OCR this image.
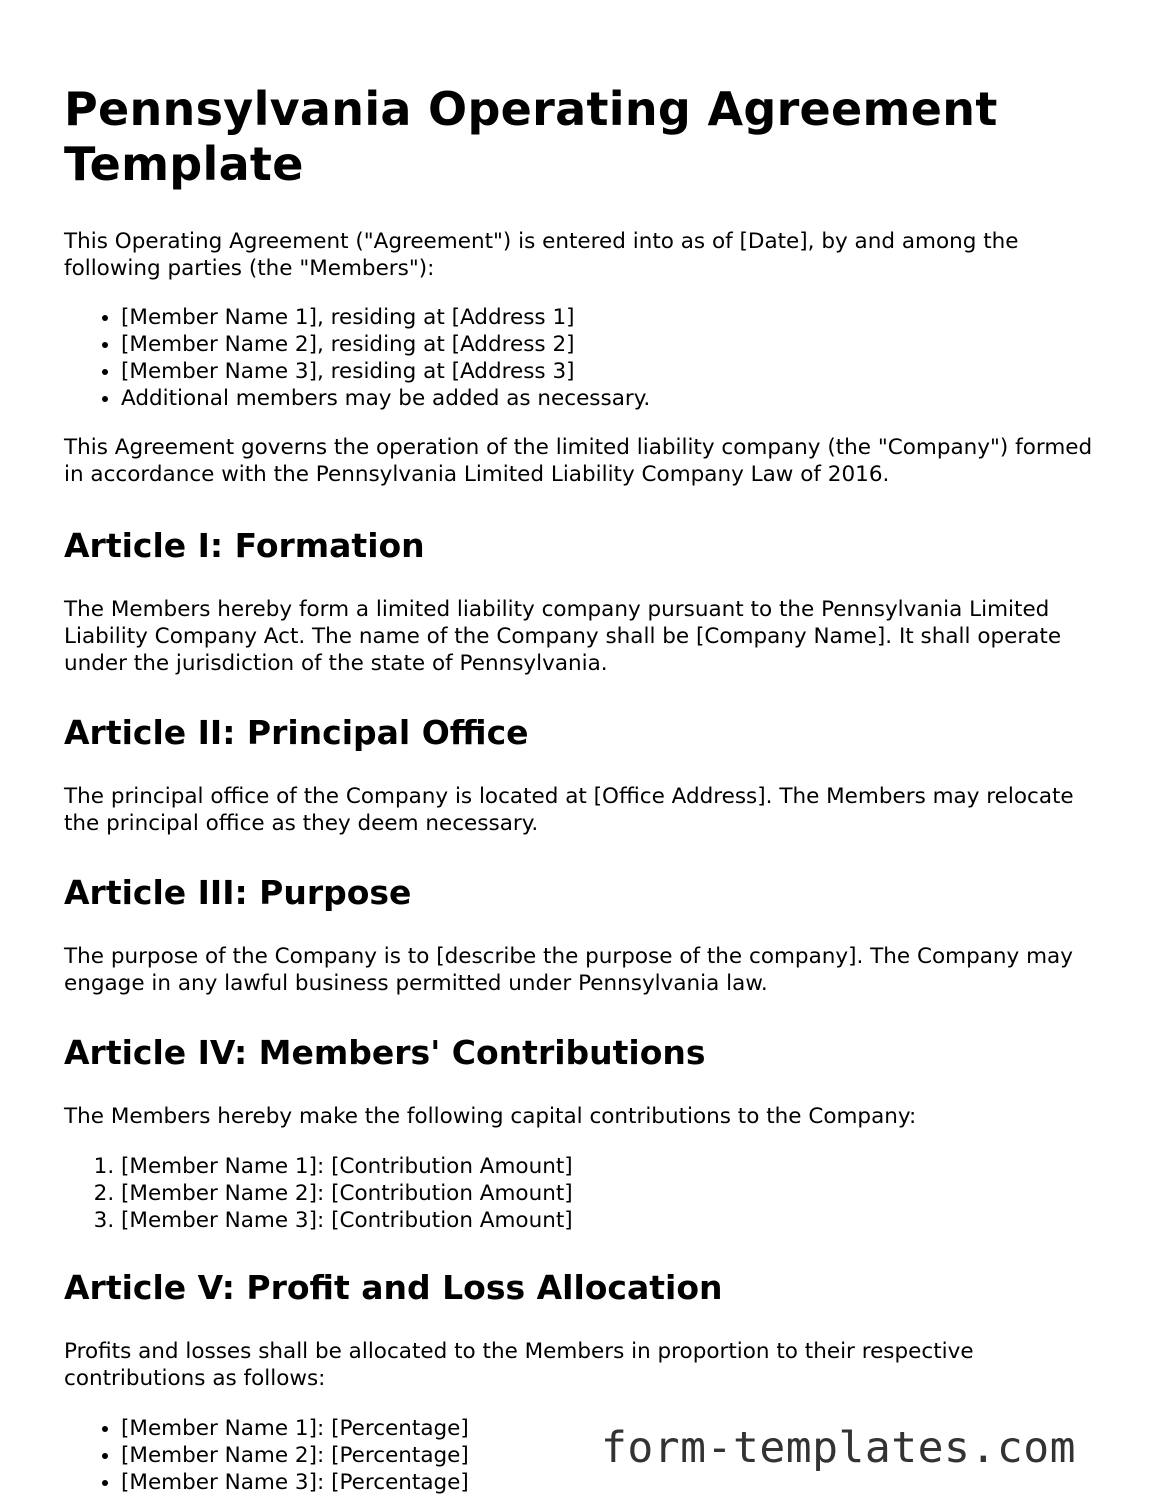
Pennsylvania Operating Agreement Template

This Operating Agreement ("Agreement") is entered into as of [Date], by and among the following parties (the "Members"):

• [Member Name 1], residing at [Address 1]
• [Member Name 2], residing at [Address 2]
• [Member Name 3], residing at [Address 3]
• Additional members may be added as necessary.

This Agreement governs the operation of the limited liability company (the "Company") formed in accordance with the Pennsylvania Limited Liability Company Law of 2016.

Article I: Formation

The Members hereby form a limited liability company pursuant to the Pennsylvania Limited Liability Company Act. The name of the Company shall be [Company Name]. It shall operate under the jurisdiction of the state of Pennsylvania.

Article II: Principal Office

The principal office of the Company is located at [Office Address]. The Members may relocate the principal office as they deem necessary.

Article III: Purpose

The purpose of the Company is to [describe the purpose of the company]. The Company may engage in any lawful business permitted under Pennsylvania law.

Article IV: Members' Contributions

The Members hereby make the following capital contributions to the Company:

1. [Member Name 1]: [Contribution Amount]
2. [Member Name 2]: [Contribution Amount]
3. [Member Name 3]: [Contribution Amount]
Article V: Profit and Loss Allocation

Profits and losses shall be allocated to the Members in proportion to their respective contributions as follows:

• [Member Name 1]: [Percentage]
• [Member Name 2]: [Percentage]
• [Member Name 3]: [Percentage]
form-templates.com
